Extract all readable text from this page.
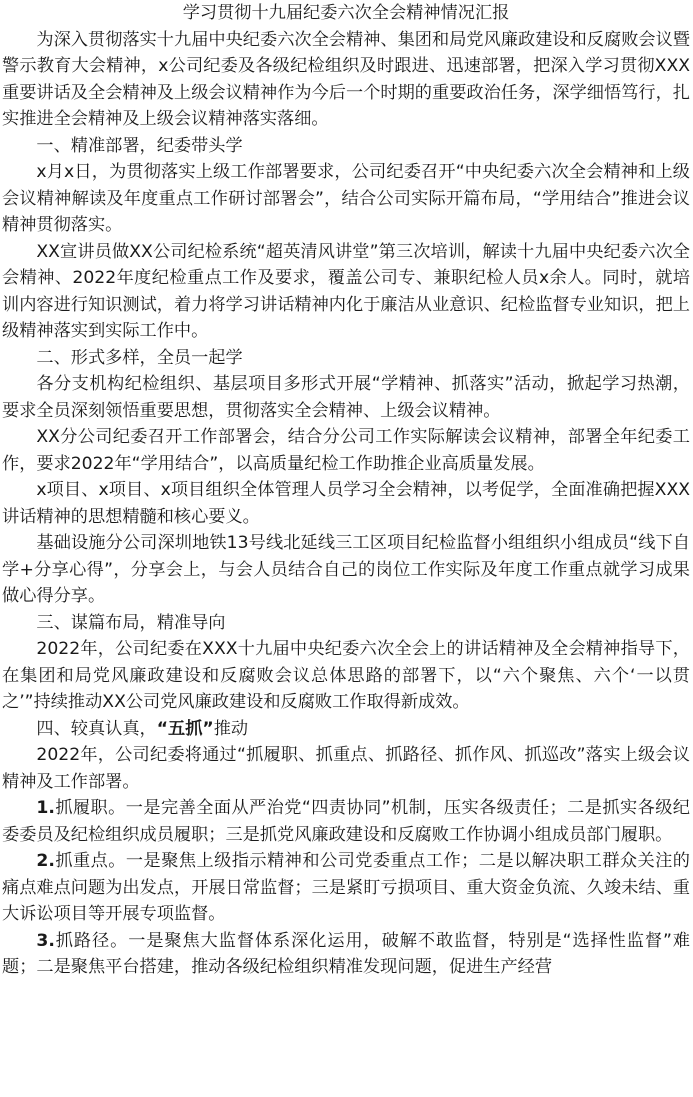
学习贯彻十九届纪委六次全会精神情况汇报

为深入贯彻落实十九届中央纪委六次全会精神、集团和局党风廉政建设和反腐败会议暨警示教育大会精神，x公司纪委及各级纪检组织及时跟进、迅速部署，把深入学习贯彻XXX重要讲话及全会精神及上级会议精神作为今后一个时期的重要政治任务，深学细悟笃行，扎实推进全会精神及上级会议精神落实落细。

一、精准部署，纪委带头学

x月x日，为贯彻落实上级工作部署要求，公司纪委召开“中央纪委六次全会精神和上级会议精神解读及年度重点工作研讨部署会”，结合公司实际开篇布局，“学用结合”推进会议精神贯彻落实。

XX宣讲员做XX公司纪检系统“超英清风讲堂”第三次培训，解读十九届中央纪委六次全会精神、2022年度纪检重点工作及要求，覆盖公司专、兼职纪检人员x余人。同时，就培训内容进行知识测试，着力将学习讲话精神内化于廉洁从业意识、纪检监督专业知识，把上级精神落实到实际工作中。

二、形式多样，全员一起学

各分支机构纪检组织、基层项目多形式开展“学精神、抓落实”活动，掀起学习热潮，要求全员深刻领悟重要思想，贯彻落实全会精神、上级会议精神。

XX分公司纪委召开工作部署会，结合分公司工作实际解读会议精神，部署全年纪委工作，要求2022年“学用结合”，以高质量纪检工作助推企业高质量发展。

x项目、x项目、x项目组织全体管理人员学习全会精神，以考促学，全面准确把握XXX讲话精神的思想精髓和核心要义。

基础设施分公司深圳地铁13号线北延线三工区项目纪检监督小组组织小组成员“线下自学+分享心得”，分享会上，与会人员结合自己的岗位工作实际及年度工作重点就学习成果做心得分享。

三、谋篇布局，精准导向

2022年，公司纪委在XXX十九届中央纪委六次全会上的讲话精神及全会精神指导下，在集团和局党风廉政建设和反腐败会议总体思路的部署下，以“六个聚焦、六个‘一以贯之’”持续推动XX公司党风廉政建设和反腐败工作取得新成效。

四、较真认真，“五抓”推动

2022年，公司纪委将通过“抓履职、抓重点、抓路径、抓作风、抓巡改”落实上级会议精神及工作部署。

1.抓履职。一是完善全面从严治党“四责协同”机制，压实各级责任；二是抓实各级纪委委员及纪检组织成员履职；三是抓党风廉政建设和反腐败工作协调小组成员部门履职。

2.抓重点。一是聚焦上级指示精神和公司党委重点工作；二是以解决职工群众关注的痛点难点问题为出发点，开展日常监督；三是紧盯亏损项目、重大资金负流、久竣未结、重大诉讼项目等开展专项监督。

3.抓路径。一是聚焦大监督体系深化运用，破解不敢监督，特别是“选择性监督”难题；二是聚焦平台搭建，推动各级纪检组织精准发现问题，促进生产经营
